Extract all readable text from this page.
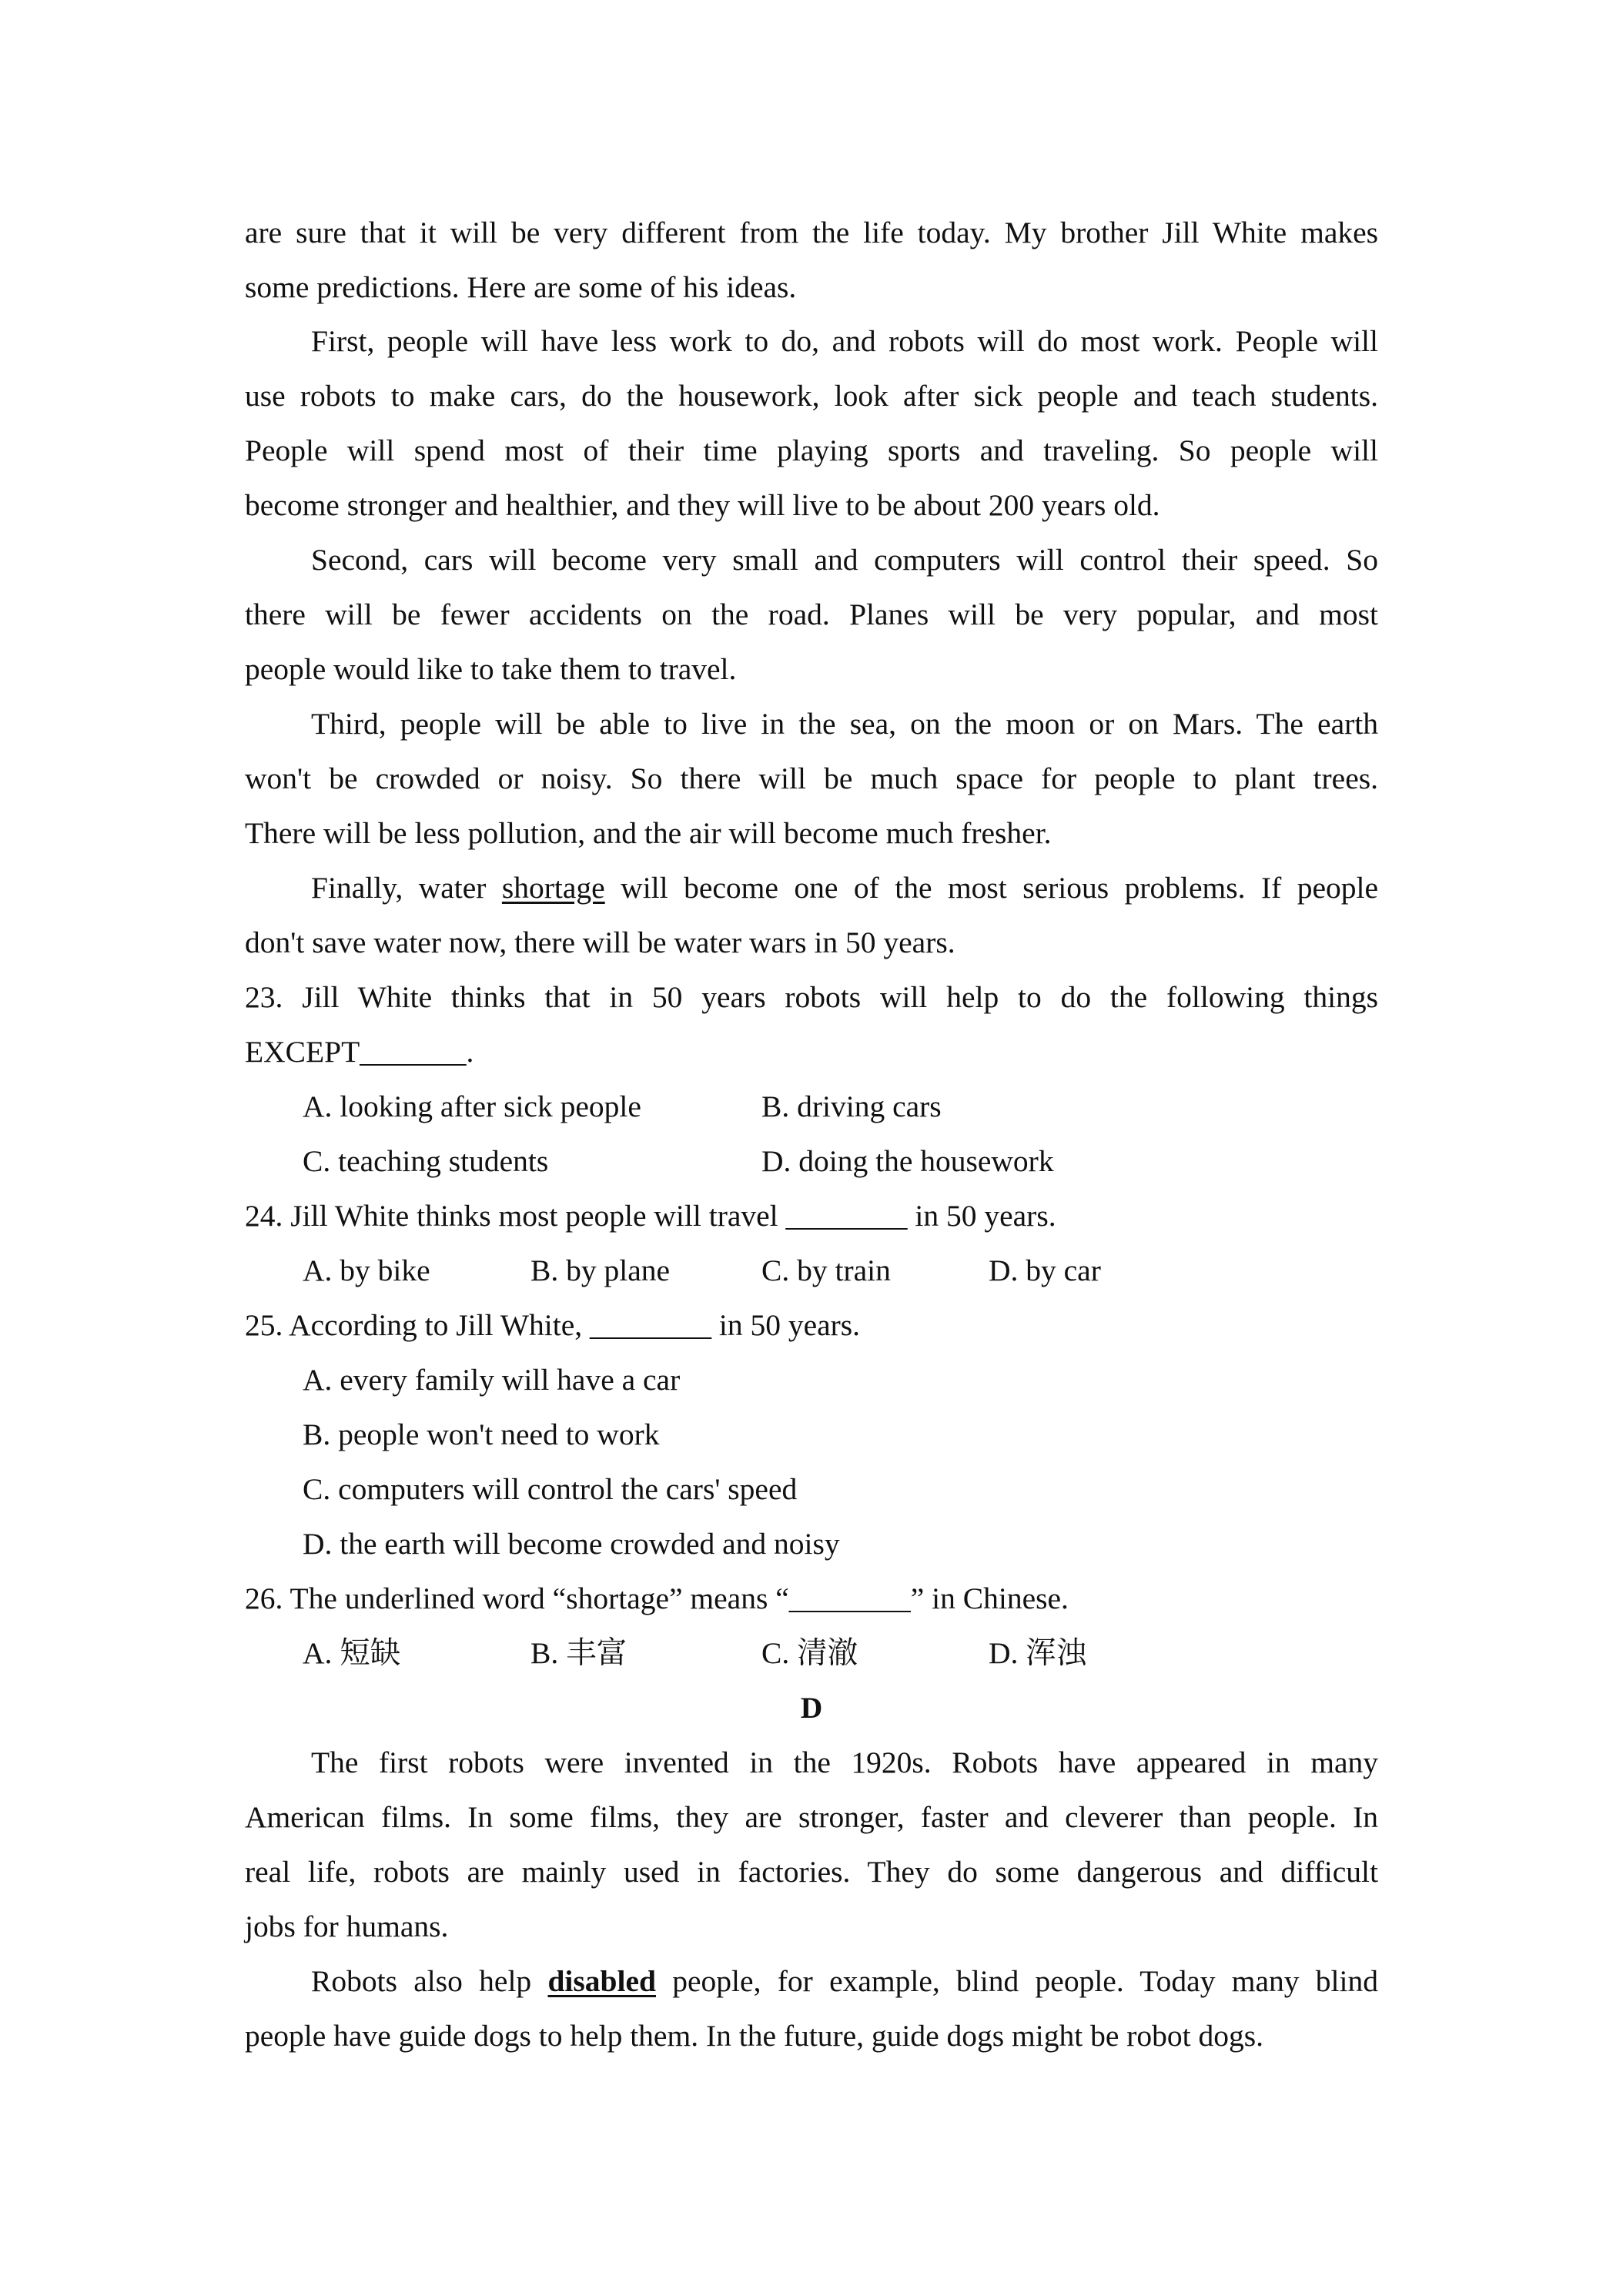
are sure that it will be very different from the life today. My brother Jill White makes
some predictions. Here are some of his ideas.
First, people will have less work to do, and robots will do most work. People will
use robots to make cars, do the housework, look after sick people and teach students.
People will spend most of their time playing sports and traveling. So people will
become stronger and healthier, and they will live to be about 200 years old.
Second, cars will become very small and computers will control their speed. So
there will be fewer accidents on the road. Planes will be very popular, and most
people would like to take them to travel.
Third, people will be able to live in the sea, on the moon or on Mars. The earth
won't be crowded or noisy. So there will be much space for people to plant trees.
There will be less pollution, and the air will become much fresher.
Finally, water shortage will become one of the most serious problems. If people
don't save water now, there will be water wars in 50 years.
23. Jill White thinks that in 50 years robots will help to do the following things
EXCEPT_______.
A. looking after sick people	B. driving cars
C. teaching students	D. doing the housework
24. Jill White thinks most people will travel ________ in 50 years.
A. by bike	B. by plane	C. by train	D. by car
25. According to Jill White, ________ in 50 years.
A. every family will have a car
B. people won't need to work
C. computers will control the cars' speed
D. the earth will become crowded and noisy
26. The underlined word “shortage” means “________” in Chinese.
A. 短缺	B. 丰富	C. 清澈	D. 浑浊
D
The first robots were invented in the 1920s. Robots have appeared in many
American films. In some films, they are stronger, faster and cleverer than people. In
real life, robots are mainly used in factories. They do some dangerous and difficult
jobs for humans.
Robots also help disabled people, for example, blind people. Today many blind
people have guide dogs to help them. In the future, guide dogs might be robot dogs.
